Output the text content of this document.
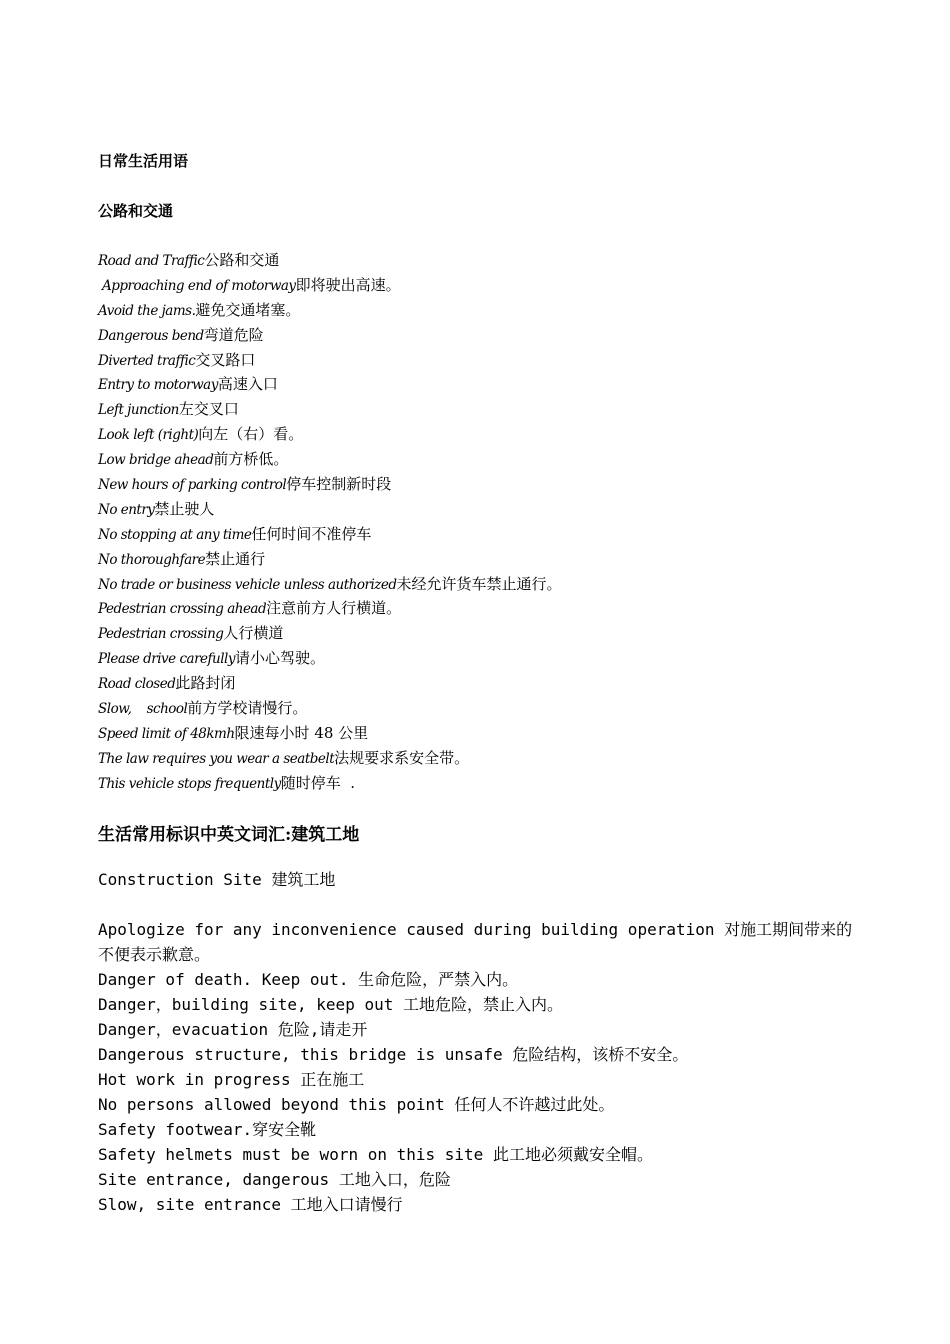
日常生活用语
公路和交通
Road and Traffic公路和交通
Approaching end of motorway即将驶出高速。
Avoid the jams.避免交通堵塞。
Dangerous bend弯道危险
Diverted traffic交叉路口
Entry to motorway高速入口
Left junction左交叉口
Look left (right)向左（右）看。
Low bridge ahead前方桥低。
New hours of parking control停车控制新时段
No entry禁止驶人
No stopping at any time任何时间不准停车
No thoroughfare禁止通行
No trade or business vehicle unless authorized未经允许货车禁止通行。
Pedestrian crossing ahead注意前方人行横道。
Pedestrian crossing人行横道
Please drive carefully请小心驾驶。
Road closed此路封闭
Slow,    school前方学校请慢行。
Speed limit of 48kmh限速每小时 48 公里
The law requires you wear a seatbelt法规要求系安全带。
This vehicle stops frequently随时停车  .
生活常用标识中英文词汇:建筑工地
Construction Site 建筑工地
Apologize for any inconvenience caused during building operation 对施工期间带来的不便表示歉意。
Danger of death. Keep out. 生命危险，严禁入内。
Danger，building site, keep out 工地危险，禁止入内。
Danger，evacuation 危险,请走开
Dangerous structure, this bridge is unsafe 危险结构，该桥不安全。
Hot work in progress 正在施工
No persons allowed beyond this point 任何人不许越过此处。
Safety footwear.穿安全靴
Safety helmets must be worn on this site 此工地必须戴安全帽。
Site entrance, dangerous 工地入口，危险
Slow, site entrance 工地入口请慢行
